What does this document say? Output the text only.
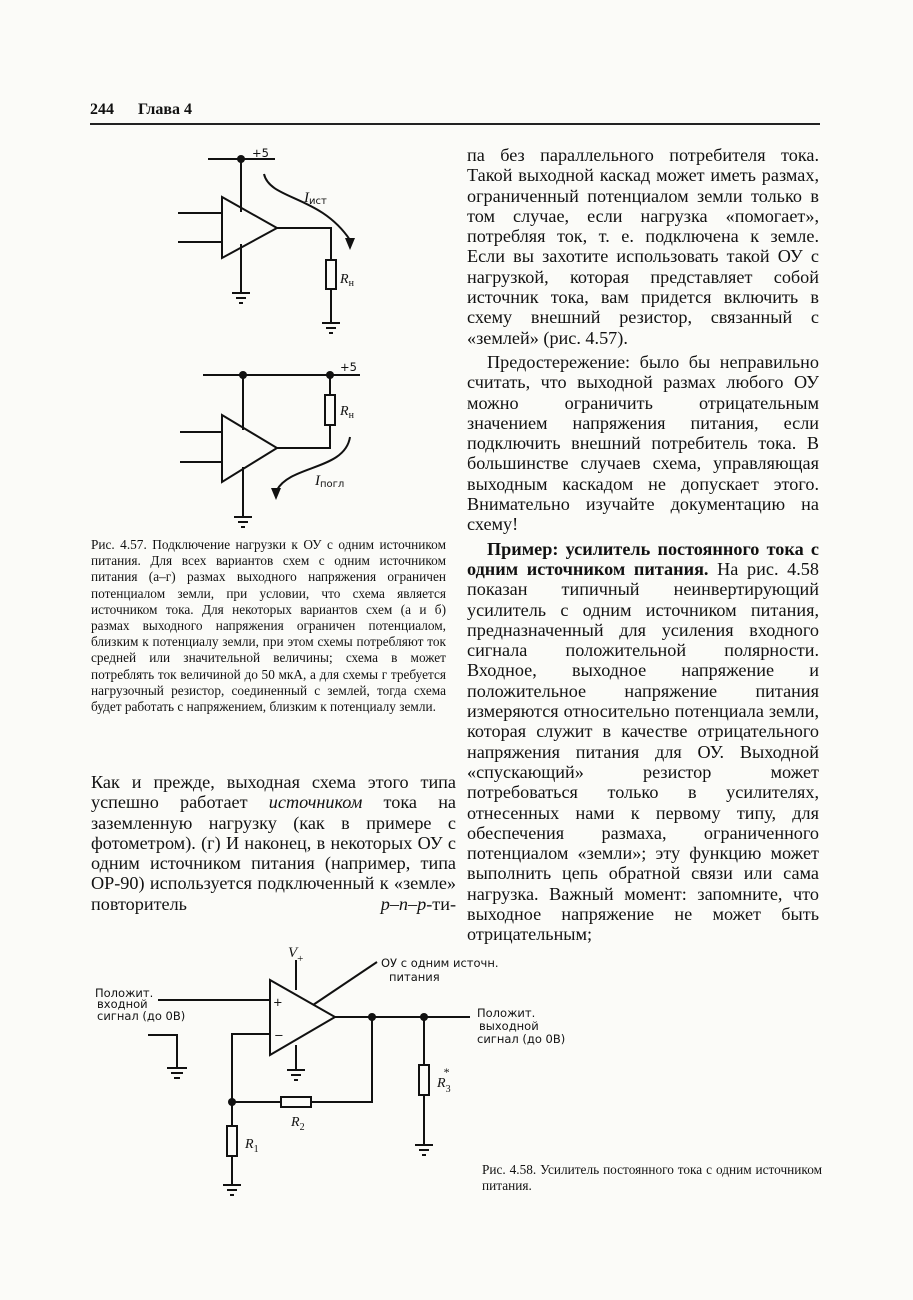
244 Глава 4
+5
$R_н$
Iист
+5
$R_н$
Iпогл

Рис. 4.57. Подключение нагрузки к ОУ с одним источником питания. Для всех вариантов схем с одним источником питания (а–г) размах выходного напряжения ограничен потенциалом земли, при условии, что схема является источником тока. Для некоторых вариантов схем (а и б) размах выходного напряжения ограничен потенциалом, близким к потенциалу земли, при этом схемы потребляют ток средней или значительной величины; схема в может потреблять ток величиной до 50 мкА, а для схемы г требуется нагрузочный резистор, соединенный с землей, тогда схема будет работать с напряжением, близким к потенциалу земли.

Как и прежде, выходная схема этого типа успешно работает источником тока на заземленную нагрузку (как в примере с фотометром). (г) И наконец, в некоторых ОУ с одним источником питания (например, типа OP-90) используется подключенный к «земле» повторитель p–n–p-ти-

па без параллельного потребителя тока. Такой выходной каскад может иметь размах, ограниченный потенциалом земли только в том случае, если нагрузка «помогает», потребляя ток, т. е. подключена к земле. Если вы захотите использовать такой ОУ с нагрузкой, которая представляет собой источник тока, вам придется включить в схему внешний резистор, связанный с «землей» (рис. 4.57).

Предостережение: было бы неправильно считать, что выходной размах любого ОУ можно ограничить отрицательным значением напряжения питания, если подключить внешний потребитель тока. В большинстве случаев схема, управляющая выходным каскадом не допускает этого. Внимательно изучайте документацию на схему!

Пример: усилитель постоянного тока с одним источником питания. На рис. 4.58 показан типичный неинвертирующий усилитель с одним источником питания, предназначенный для усиления входного сигнала положительной полярности. Входное, выходное напряжение и положительное напряжение питания измеряются относительно потенциала земли, которая служит в качестве отрицательного напряжения питания для ОУ. Выходной «спускающий» резистор может потребоваться только в усилителях, отнесенных нами к первому типу, для обеспечения размаха, ограниченного потенциалом «земли»; эту функцию может выполнить цепь обратной связи или сама нагрузка. Важный момент: запомните, что выходное напряжение не может быть отрицательным;

$V_+$
+
−
ОУ с одним источн.
питания
Положит.
входной
сигнал (до 0В)	Положит.
выходной
сигнал (до 0В)
$R_2$
$R_1$
$R_3*$

Рис. 4.58. Усилитель постоянного тока с одним источником питания.
